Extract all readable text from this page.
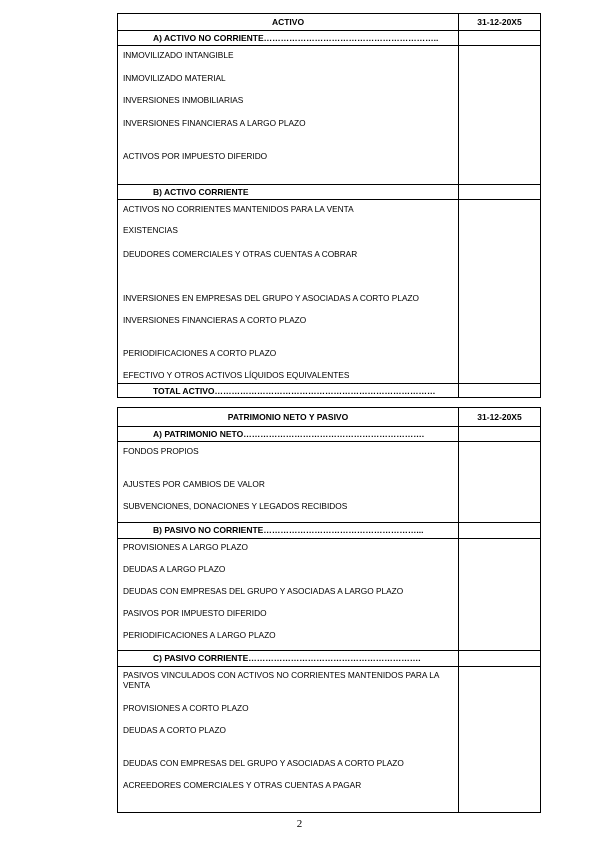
ACTIVO	31-12-20X5
A) ACTIVO NO CORRIENTE……………………………………………………..
INMOVILIZADO INTANGIBLE
INMOVILIZADO MATERIAL
INVERSIONES INMOBILIARIAS
INVERSIONES FINANCIERAS A LARGO PLAZO
ACTIVOS POR IMPUESTO DIFERIDO
B) ACTIVO CORRIENTE
ACTIVOS NO CORRIENTES MANTENIDOS PARA LA VENTA
EXISTENCIAS
DEUDORES COMERCIALES Y OTRAS CUENTAS A COBRAR
INVERSIONES EN EMPRESAS DEL GRUPO Y ASOCIADAS A CORTO PLAZO
INVERSIONES FINANCIERAS A CORTO PLAZO
PERIODIFICACIONES A CORTO PLAZO
EFECTIVO Y OTROS ACTIVOS LÍQUIDOS EQUIVALENTES
TOTAL ACTIVO……………………………………………………………………
PATRIMONIO NETO Y PASIVO	31-12-20X5
A) PATRIMONIO NETO……………………………………………………….
FONDOS PROPIOS
AJUSTES POR CAMBIOS DE VALOR
SUBVENCIONES, DONACIONES Y LEGADOS RECIBIDOS
B) PASIVO NO CORRIENTE………………………………………………...
PROVISIONES A LARGO PLAZO
DEUDAS A LARGO PLAZO
DEUDAS CON EMPRESAS DEL GRUPO Y ASOCIADAS A LARGO PLAZO
PASIVOS POR IMPUESTO DIFERIDO
PERIODIFICACIONES A LARGO PLAZO
C) PASIVO CORRIENTE…………………………………………………….
PASIVOS VINCULADOS CON ACTIVOS NO CORRIENTES MANTENIDOS PARA LA VENTA
PROVISIONES A CORTO PLAZO
DEUDAS A CORTO PLAZO
DEUDAS CON EMPRESAS DEL GRUPO Y ASOCIADAS A CORTO PLAZO
ACREEDORES COMERCIALES Y OTRAS CUENTAS A PAGAR
2
